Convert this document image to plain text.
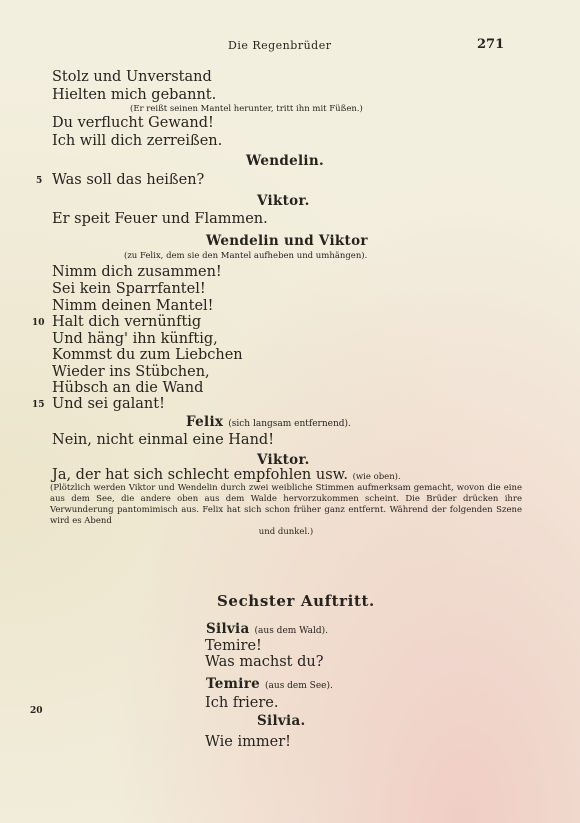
Die Regenbrüder	271
Stolz und Unverstand
Hielten mich gebannt.
(Er reißt seinen Mantel herunter, tritt ihn mit Füßen.)
Du verflucht Gewand!
Ich will dich zerreißen.
Wendelin.
5 Was soll das heißen?
Viktor.
Er speit Feuer und Flammen.
Wendelin und Viktor
(zu Felix, dem sie den Mantel aufheben und umhängen).
Nimm dich zusammen!
Sei kein Sparrfantel!
Nimm deinen Mantel!
10 Halt dich vernünftig
Und häng' ihn künftig,
Kommst du zum Liebchen
Wieder ins Stübchen,
Hübsch an die Wand
15 Und sei galant!
Felix (sich langsam entfernend).
Nein, nicht einmal eine Hand!
Viktor.
Ja, der hat sich schlecht empfohlen usw. (wie oben).
(Plötzlich werden Viktor und Wendelin durch zwei weibliche Stimmen aufmerksam gemacht, wovon die eine aus dem See, die andere oben aus dem Walde hervorzukommen scheint. Die Brüder drücken ihre Verwunderung pantomimisch aus. Felix hat sich schon früher ganz entfernt. Während der folgenden Szene wird es Abend
und dunkel.)
Sechster Auftritt.
Silvia (aus dem Wald).
Temire!
Was machst du?
Temire (aus dem See).
20	Ich friere.
Silvia.
Wie immer!
